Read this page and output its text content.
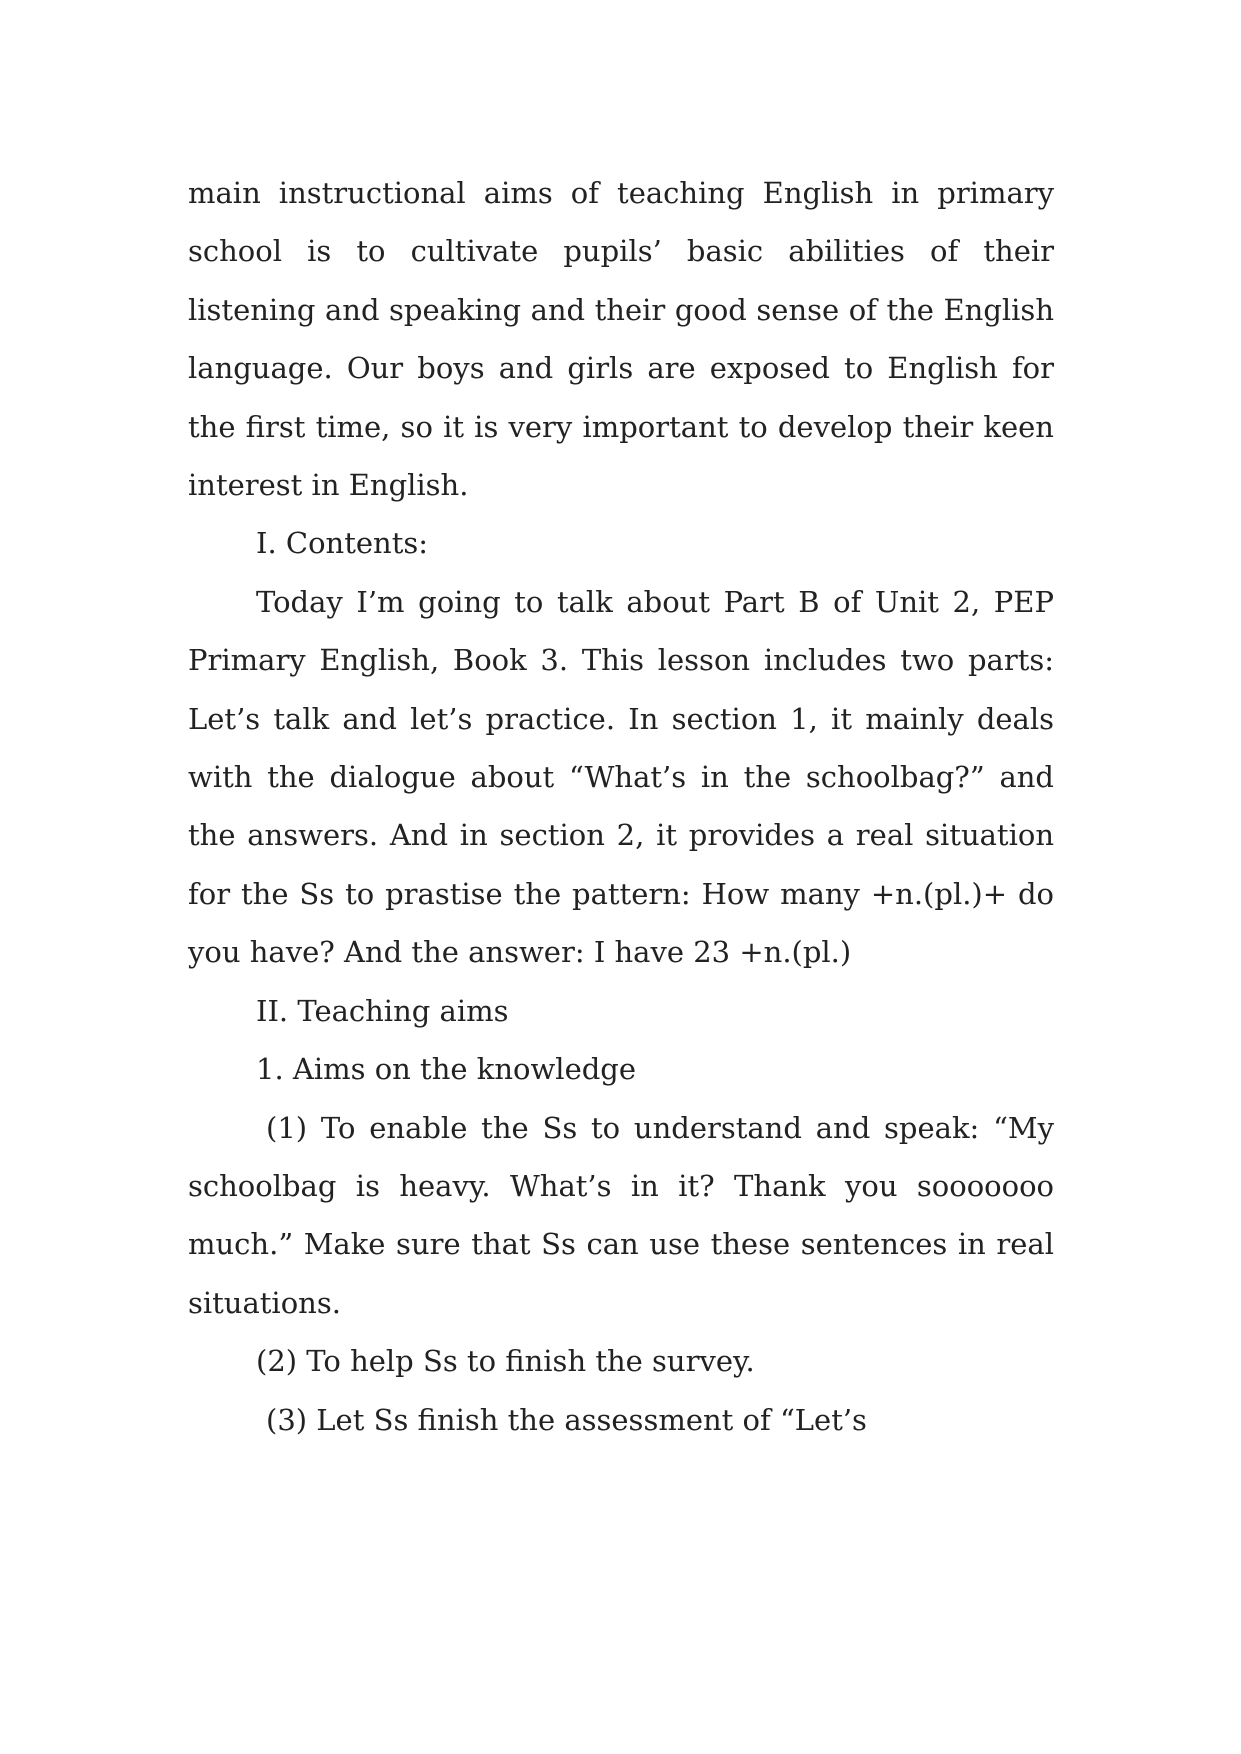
main instructional aims of teaching English in primary school is to cultivate pupils’ basic abilities of their listening and speaking and their good sense of the English language. Our boys and girls are exposed to English for the first time, so it is very important to develop their keen interest in English.

I. Contents:

Today I’m going to talk about Part B of Unit 2, PEP Primary English, Book 3. This lesson includes two parts: Let’s talk and let’s practice. In section 1, it mainly deals with the dialogue about “What’s in the schoolbag?” and the answers. And in section 2, it provides a real situation for the Ss to prastise the pattern: How many +n.(pl.)+ do you have? And the answer: I have 23 +n.(pl.)

II. Teaching aims

1. Aims on the knowledge

(1) To enable the Ss to understand and speak: “My schoolbag is heavy. What’s in it? Thank you sooooooo much.” Make sure that Ss can use these sentences in real situations.

(2) To help Ss to finish the survey.

(3) Let Ss finish the assessment of “Let’s
